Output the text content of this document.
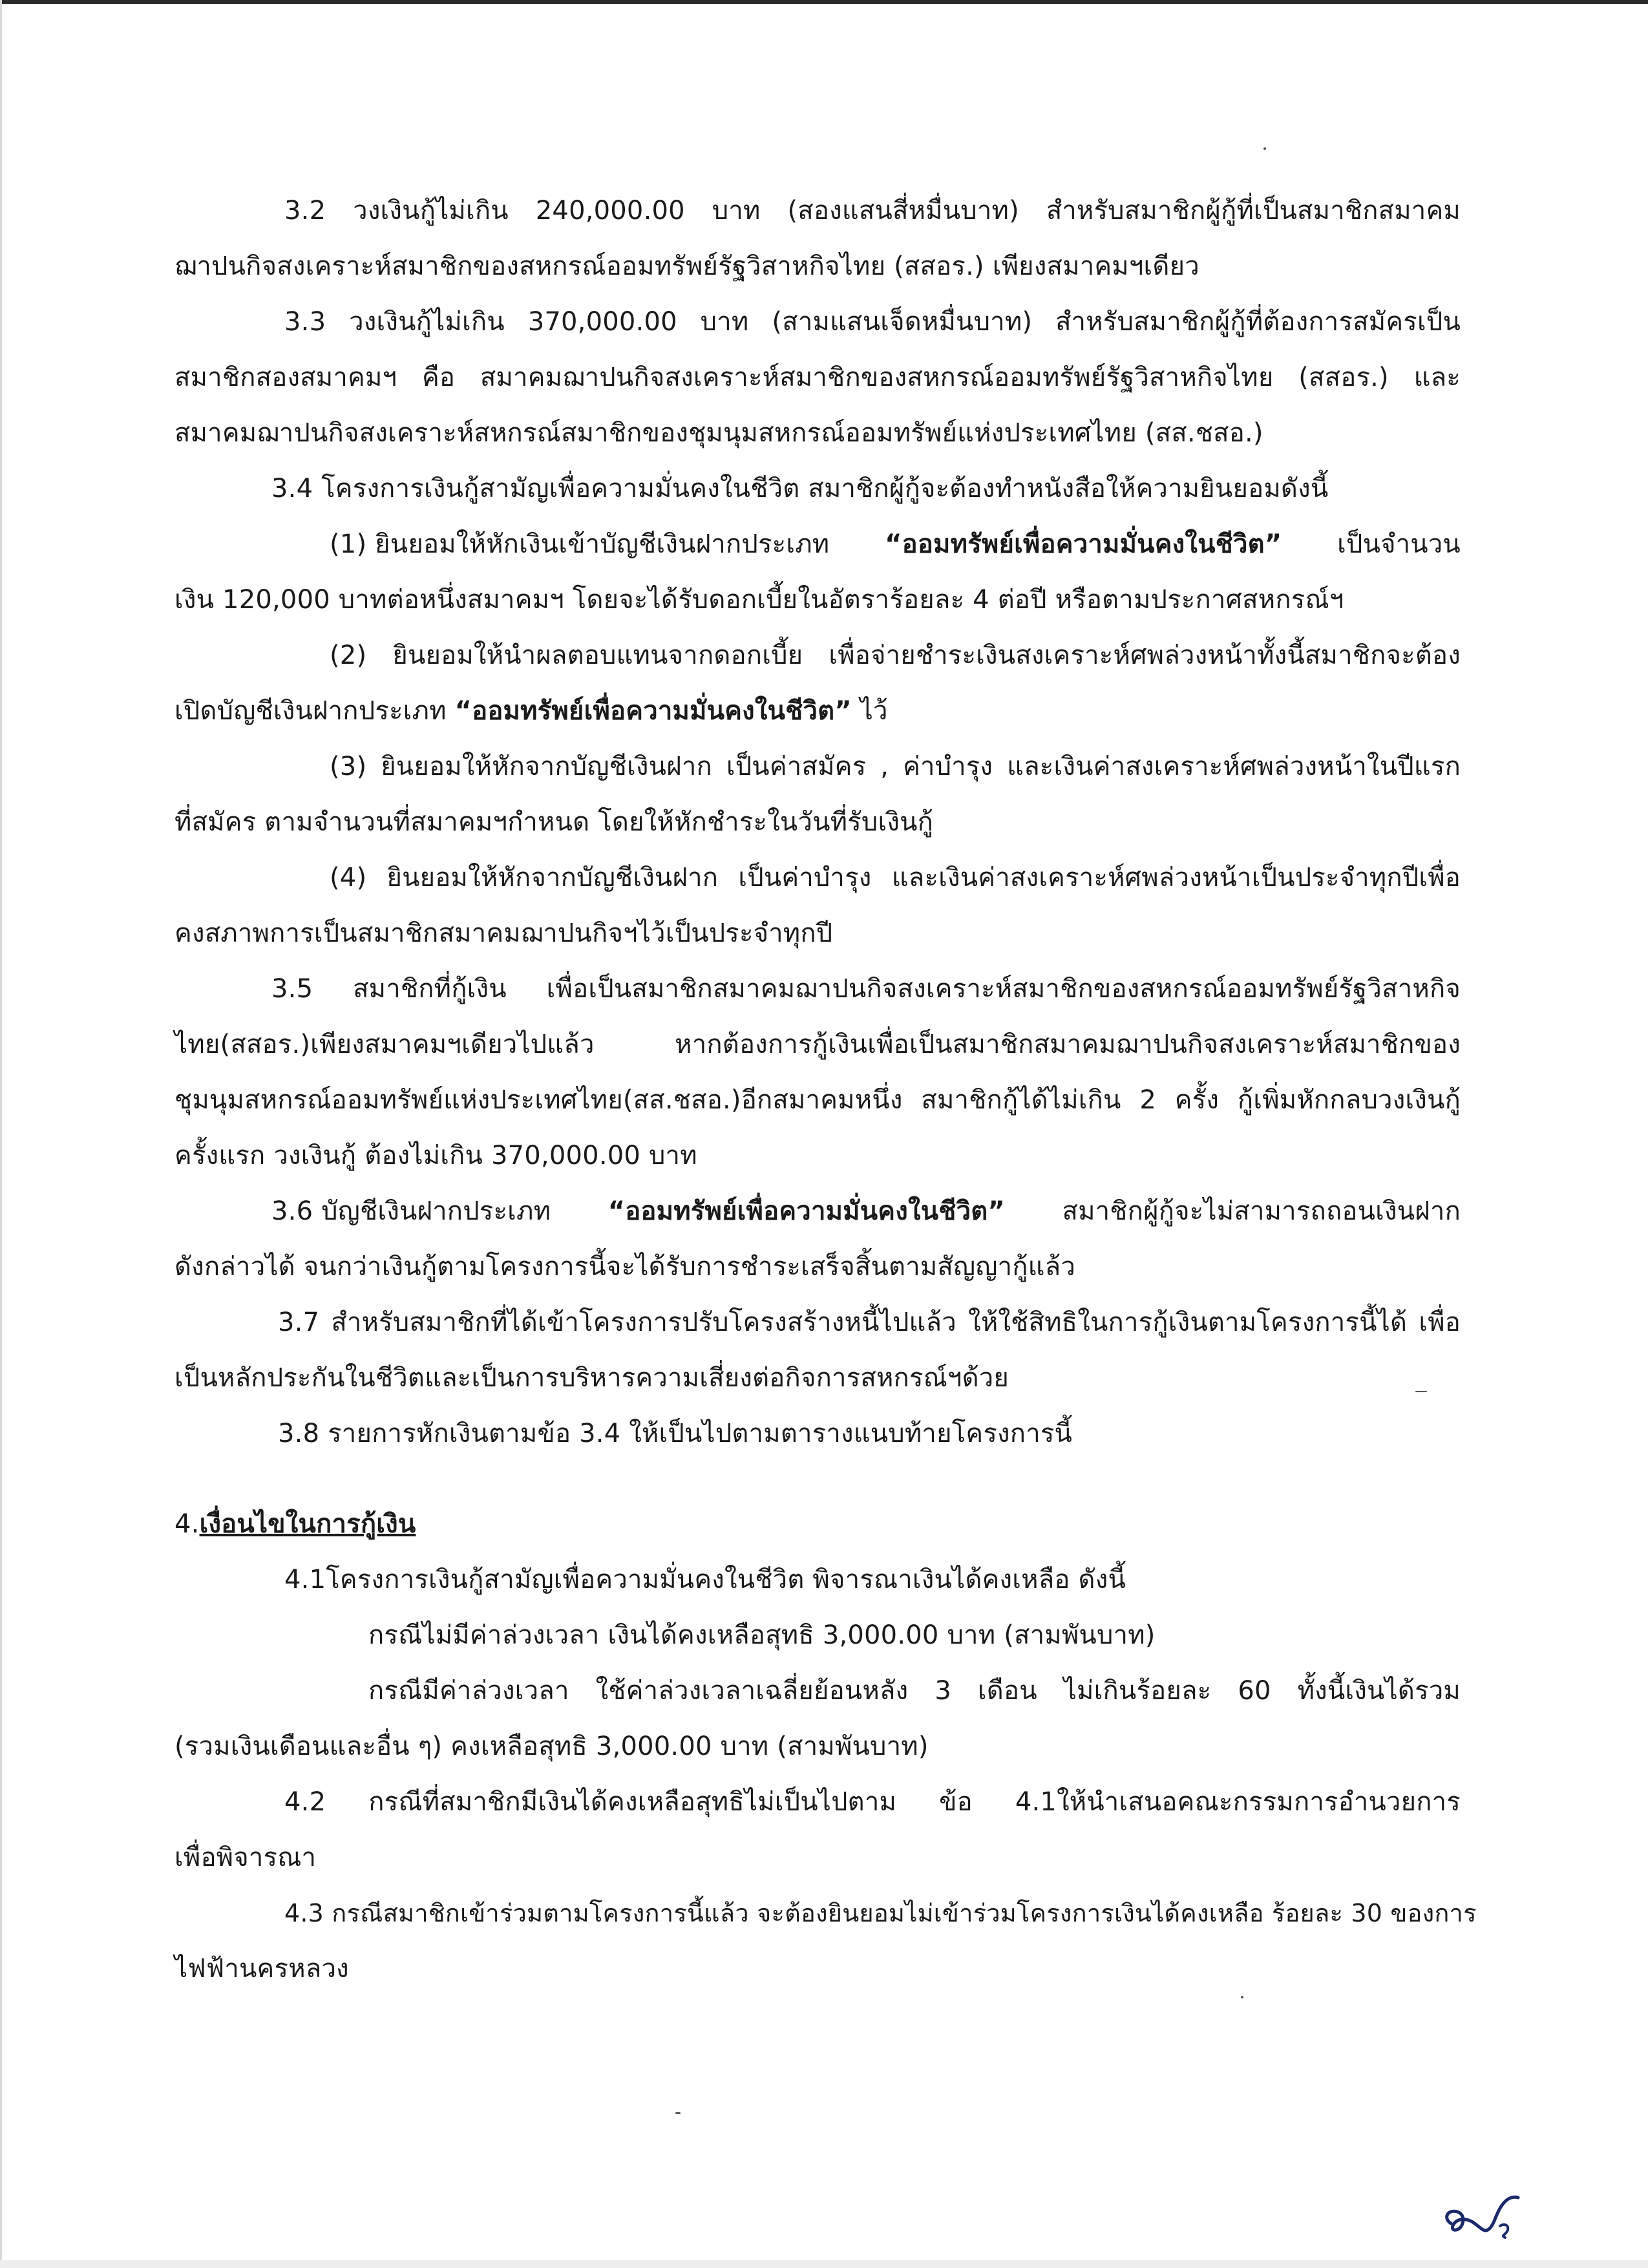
3.2 วงเงินกู้ไม่เกิน 240,000.00 บาท (สองแสนสี่หมื่นบาท) สำหรับสมาชิกผู้กู้ที่เป็นสมาชิกสมาคม
ฌาปนกิจสงเคราะห์สมาชิกของสหกรณ์ออมทรัพย์รัฐวิสาหกิจไทย (สสอร.) เพียงสมาคมฯเดียว
3.3 วงเงินกู้ไม่เกิน 370,000.00 บาท (สามแสนเจ็ดหมื่นบาท) สำหรับสมาชิกผู้กู้ที่ต้องการสมัครเป็น
สมาชิกสองสมาคมฯ คือ สมาคมฌาปนกิจสงเคราะห์สมาชิกของสหกรณ์ออมทรัพย์รัฐวิสาหกิจไทย (สสอร.) และ
สมาคมฌาปนกิจสงเคราะห์สหกรณ์สมาชิกของชุมนุมสหกรณ์ออมทรัพย์แห่งประเทศไทย (สส.ชสอ.)
3.4 โครงการเงินกู้สามัญเพื่อความมั่นคงในชีวิต สมาชิกผู้กู้จะต้องทำหนังสือให้ความยินยอมดังนี้
(1) ยินยอมให้หักเงินเข้าบัญชีเงินฝากประเภท “ออมทรัพย์เพื่อความมั่นคงในชีวิต” เป็นจำนวน
เงิน 120,000 บาทต่อหนึ่งสมาคมฯ โดยจะได้รับดอกเบี้ยในอัตราร้อยละ 4 ต่อปี หรือตามประกาศสหกรณ์ฯ
(2) ยินยอมให้นำผลตอบแทนจากดอกเบี้ย เพื่อจ่ายชำระเงินสงเคราะห์ศพล่วงหน้าทั้งนี้สมาชิกจะต้อง
เปิดบัญชีเงินฝากประเภท “ออมทรัพย์เพื่อความมั่นคงในชีวิต” ไว้
(3) ยินยอมให้หักจากบัญชีเงินฝาก เป็นค่าสมัคร , ค่าบำรุง และเงินค่าสงเคราะห์ศพล่วงหน้าในปีแรก
ที่สมัคร ตามจำนวนที่สมาคมฯกำหนด โดยให้หักชำระในวันที่รับเงินกู้
(4) ยินยอมให้หักจากบัญชีเงินฝาก เป็นค่าบำรุง และเงินค่าสงเคราะห์ศพล่วงหน้าเป็นประจำทุกปีเพื่อ
คงสภาพการเป็นสมาชิกสมาคมฌาปนกิจฯไว้เป็นประจำทุกปี
3.5 สมาชิกที่กู้เงิน เพื่อเป็นสมาชิกสมาคมฌาปนกิจสงเคราะห์สมาชิกของสหกรณ์ออมทรัพย์รัฐวิสาหกิจ
ไทย(สสอร.)เพียงสมาคมฯเดียวไปแล้ว หากต้องการกู้เงินเพื่อเป็นสมาชิกสมาคมฌาปนกิจสงเคราะห์สมาชิกของ
ชุมนุมสหกรณ์ออมทรัพย์แห่งประเทศไทย(สส.ชสอ.)อีกสมาคมหนึ่ง สมาชิกกู้ได้ไม่เกิน 2 ครั้ง กู้เพิ่มหักกลบวงเงินกู้
ครั้งแรก วงเงินกู้ ต้องไม่เกิน 370,000.00 บาท
3.6 บัญชีเงินฝากประเภท “ออมทรัพย์เพื่อความมั่นคงในชีวิต” สมาชิกผู้กู้จะไม่สามารถถอนเงินฝาก
ดังกล่าวได้ จนกว่าเงินกู้ตามโครงการนี้จะได้รับการชำระเสร็จสิ้นตามสัญญากู้แล้ว
3.7 สำหรับสมาชิกที่ได้เข้าโครงการปรับโครงสร้างหนี้ไปแล้ว ให้ใช้สิทธิในการกู้เงินตามโครงการนี้ได้ เพื่อ
เป็นหลักประกันในชีวิตและเป็นการบริหารความเสี่ยงต่อกิจการสหกรณ์ฯด้วย
3.8 รายการหักเงินตามข้อ 3.4 ให้เป็นไปตามตารางแนบท้ายโครงการนี้
4.เงื่อนไขในการกู้เงิน
4.1โครงการเงินกู้สามัญเพื่อความมั่นคงในชีวิต พิจารณาเงินได้คงเหลือ ดังนี้
กรณีไม่มีค่าล่วงเวลา เงินได้คงเหลือสุทธิ 3,000.00 บาท (สามพันบาท)
กรณีมีค่าล่วงเวลา ใช้ค่าล่วงเวลาเฉลี่ยย้อนหลัง 3 เดือน ไม่เกินร้อยละ 60 ทั้งนี้เงินได้รวม
(รวมเงินเดือนและอื่น ๆ) คงเหลือสุทธิ 3,000.00 บาท (สามพันบาท)
4.2 กรณีที่สมาชิกมีเงินได้คงเหลือสุทธิไม่เป็นไปตาม ข้อ 4.1ให้นำเสนอคณะกรรมการอำนวยการ
เพื่อพิจารณา
4.3 กรณีสมาชิกเข้าร่วมตามโครงการนี้แล้ว จะต้องยินยอมไม่เข้าร่วมโครงการเงินได้คงเหลือ ร้อยละ 30 ของการ
ไฟฟ้านครหลวง
